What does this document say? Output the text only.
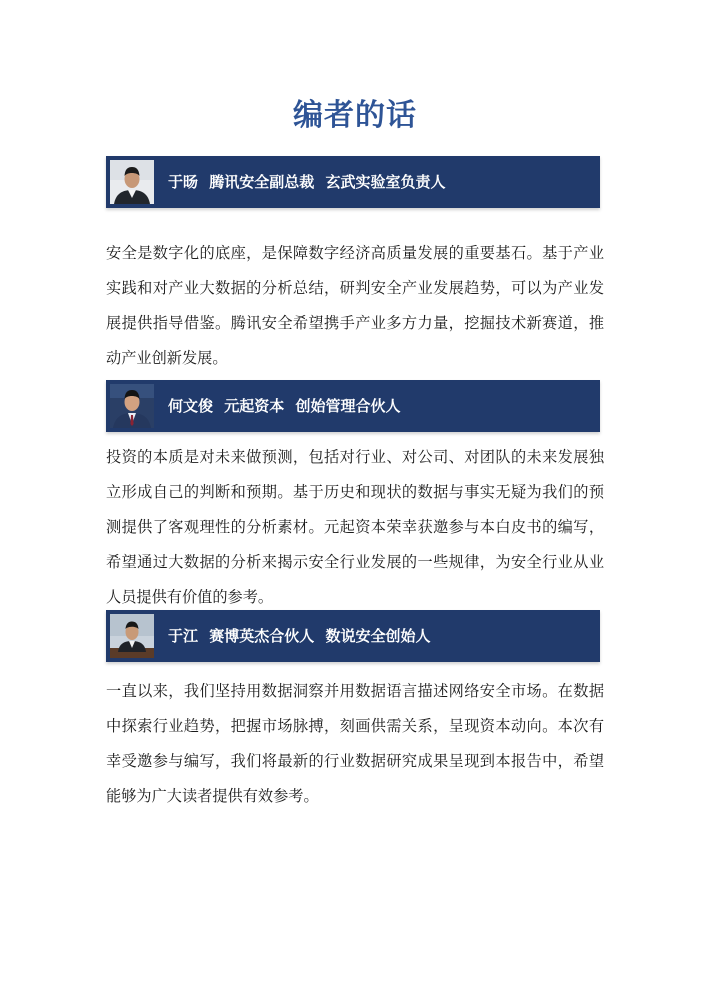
编者的话
于旸 腾讯安全副总裁 玄武实验室负责人
安全是数字化的底座，是保障数字经济高质量发展的重要基石。基于产业实践和对产业大数据的分析总结，研判安全产业发展趋势，可以为产业发展提供指导借鉴。腾讯安全希望携手产业多方力量，挖掘技术新赛道，推动产业创新发展。
何文俊 元起资本 创始管理合伙人
投资的本质是对未来做预测，包括对行业、对公司、对团队的未来发展独立形成自己的判断和预期。基于历史和现状的数据与事实无疑为我们的预测提供了客观理性的分析素材。元起资本荣幸获邀参与本白皮书的编写，希望通过大数据的分析来揭示安全行业发展的一些规律，为安全行业从业人员提供有价值的参考。
于江 赛博英杰合伙人 数说安全创始人
一直以来，我们坚持用数据洞察并用数据语言描述网络安全市场。在数据中探索行业趋势，把握市场脉搏，刻画供需关系，呈现资本动向。本次有幸受邀参与编写，我们将最新的行业数据研究成果呈现到本报告中，希望能够为广大读者提供有效参考。
